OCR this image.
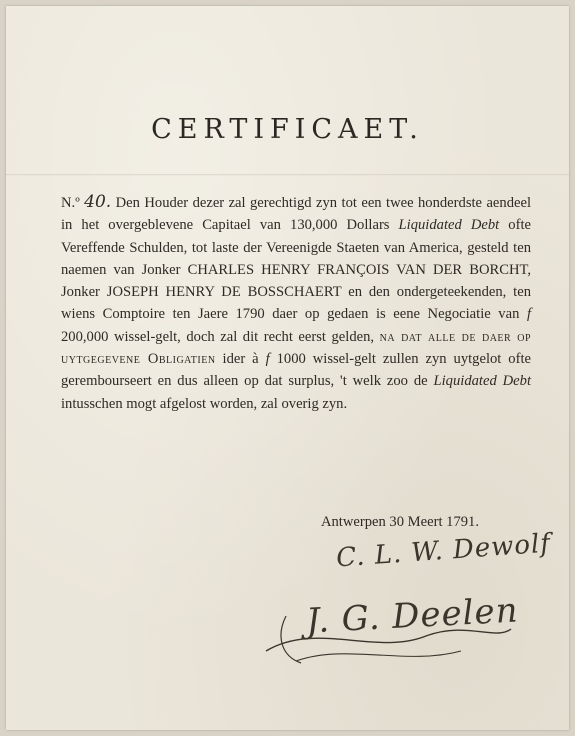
CERTIFICAET.
N.º 40. Den Houder dezer zal gerechtigd zyn tot een twee honderdste aendeel in het overgeblevene Capitael van 130,000 Dollars Liquidated Debt ofte Vereffende Schulden, tot laste der Vereenigde Staeten van America, gesteld ten naemen van Jonker CHARLES HENRY FRANÇOIS VAN DER BORCHT, Jonker JOSEPH HENRY DE BOSSCHAERT en den ondergeteekenden, ten wiens Comptoire ten Jaere 1790 daer op gedaen is eene Negociatie van f 200,000 wissel-gelt, doch zal dit recht eerst gelden, na dat alle de daer op uytgegevene Obligatien ider à f 1000 wissel-gelt zullen zyn uytgelot ofte gerembourseert en dus alleen op dat surplus, 't welk zoo de Liquidated Debt intusschen mogt afgelost worden, zal overig zyn.
Antwerpen 30 Meert 1791.
C. L. W. Dewolf
J. G. Deelen
